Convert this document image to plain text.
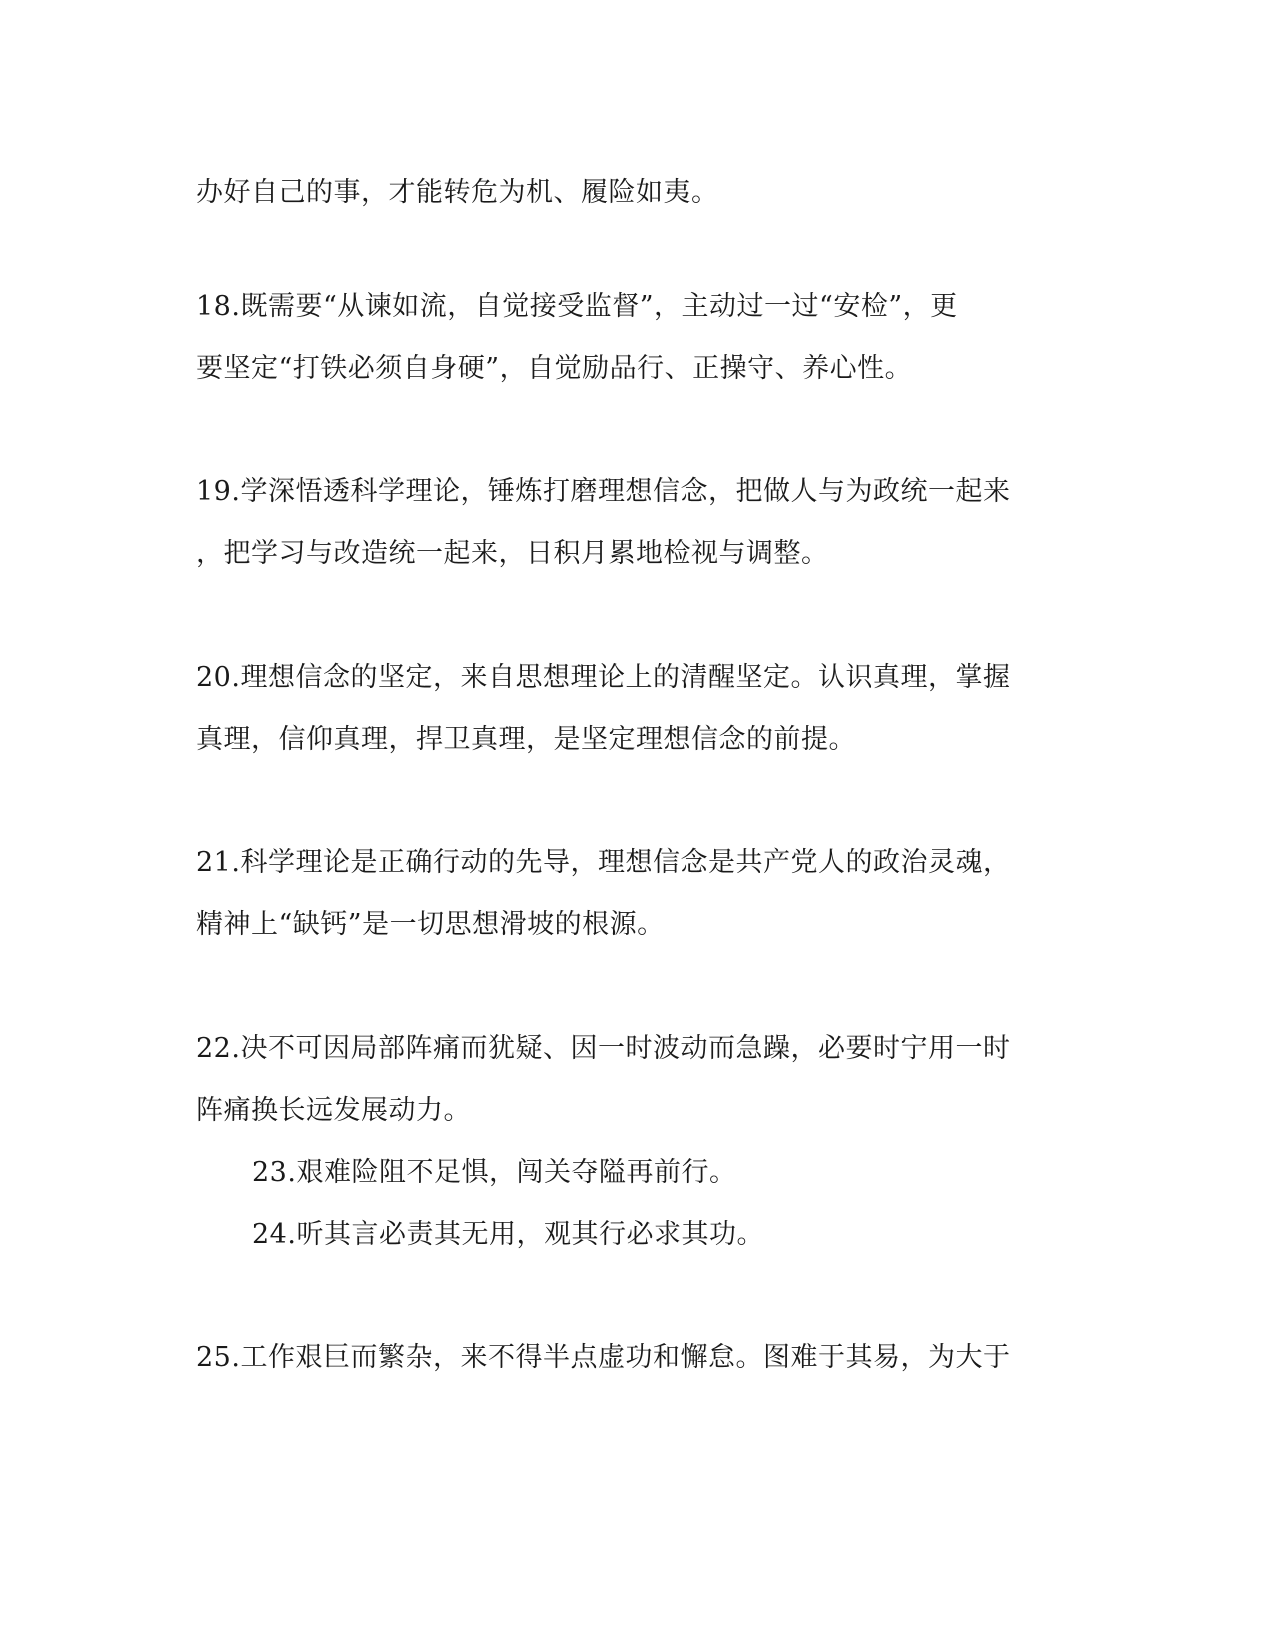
办好自己的事，才能转危为机、履险如夷。
18.既需要“从谏如流，自觉接受监督”，主动过一过“安检”，更
要坚定“打铁必须自身硬”，自觉励品行、正操守、养心性。
19.学深悟透科学理论，锤炼打磨理想信念，把做人与为政统一起来
，把学习与改造统一起来，日积月累地检视与调整。
20.理想信念的坚定，来自思想理论上的清醒坚定。认识真理，掌握
真理，信仰真理，捍卫真理，是坚定理想信念的前提。
21.科学理论是正确行动的先导，理想信念是共产党人的政治灵魂，
精神上“缺钙”是一切思想滑坡的根源。
22.决不可因局部阵痛而犹疑、因一时波动而急躁，必要时宁用一时
阵痛换长远发展动力。
23.艰难险阻不足惧，闯关夺隘再前行。
24.听其言必责其无用，观其行必求其功。
25.工作艰巨而繁杂，来不得半点虚功和懈怠。图难于其易，为大于
